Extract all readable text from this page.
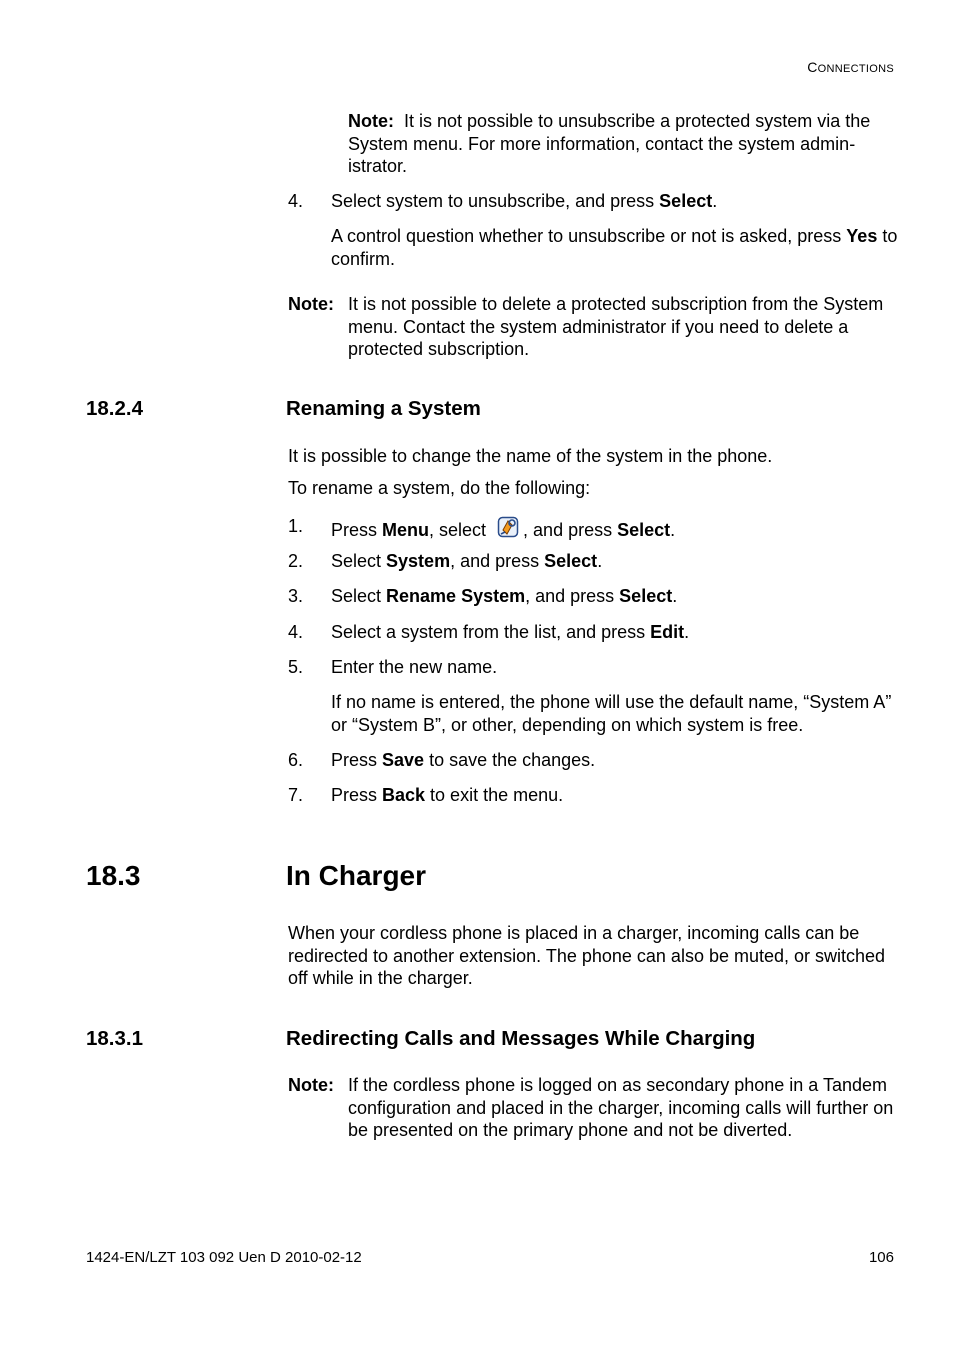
CONNECTIONS
Note: It is not possible to unsubscribe a protected system via the System menu. For more information, contact the system admin-istrator.
4. Select system to unsubscribe, and press Select.
A control question whether to unsubscribe or not is asked, press Yes to confirm.
Note: It is not possible to delete a protected subscription from the System menu. Contact the system administrator if you need to delete a protected subscription.
18.2.4	Renaming a System
It is possible to change the name of the system in the phone.
To rename a system, do the following:
1. Press Menu, select , and press Select.
2. Select System, and press Select.
3. Select Rename System, and press Select.
4. Select a system from the list, and press Edit.
5. Enter the new name.
If no name is entered, the phone will use the default name, “System A” or “System B”, or other, depending on which system is free.
6. Press Save to save the changes.
7. Press Back to exit the menu.
18.3	In Charger
When your cordless phone is placed in a charger, incoming calls can be redirected to another extension. The phone can also be muted, or switched off while in the charger.
18.3.1	Redirecting Calls and Messages While Charging
Note: If the cordless phone is logged on as secondary phone in a Tandem configuration and placed in the charger, incoming calls will further on be presented on the primary phone and not be diverted.
1424-EN/LZT 103 092 Uen D 2010-02-12	106
